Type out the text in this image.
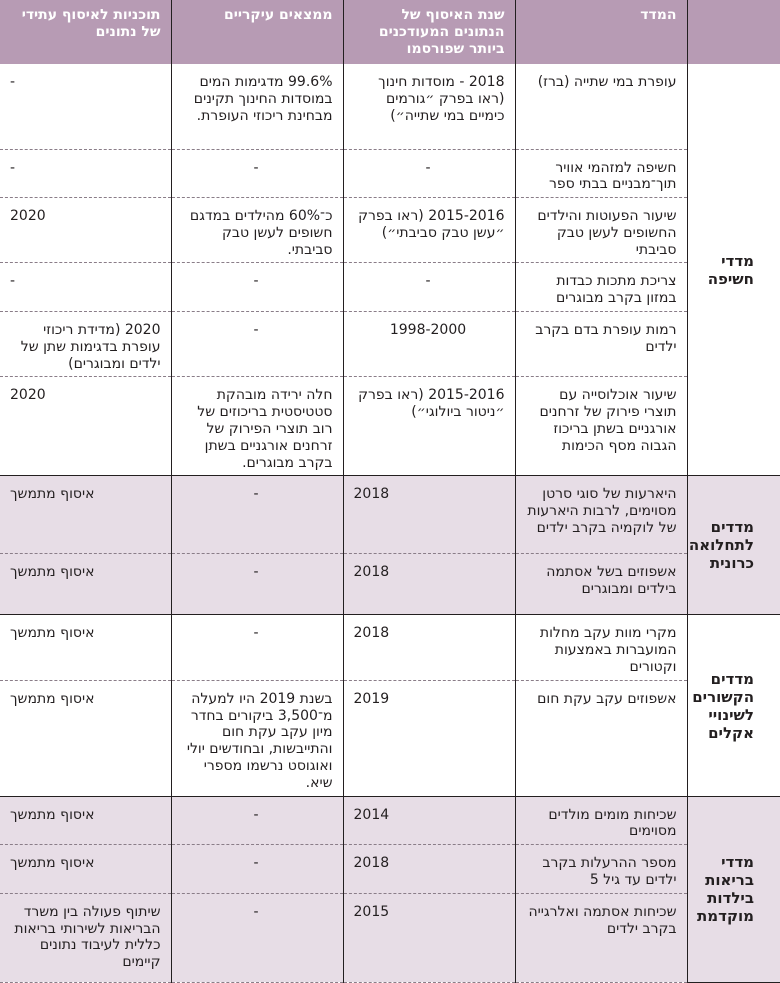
	המדד	שנת האיסוף של הנתונים המעודכנים ביותר שפורסמו	ממצאים עיקריים	תוכניות לאיסוף עתידי של נתונים
מדדי חשיפה	עופרת במי שתייה (ברז)	2018 - מוסדות חינוך (ראו בפרק ״גורמים כימיים במי שתייה״)	99.6% מדגימות המים במוסדות החינוך תקינים מבחינת ריכוזי העופרת.	-
	חשיפה למזהמי אוויר תוך־מבניים בבתי ספר	-	-	-
	שיעור הפעוטות והילדים החשופים לעשן טבק סביבתי	2015-2016 (ראו בפרק ״עשן טבק סביבתי״)	כ־60% מהילדים במדגם חשופים לעשן טבק סביבתי.	2020
	צריכת מתכות כבדות במזון בקרב מבוגרים	-	-	-
	רמות עופרת בדם בקרב ילדים	1998-2000	-	2020 (מדידת ריכוזי עופרת בדגימות שתן של ילדים ומבוגרים)
	שיעור אוכלוסייה עם תוצרי פירוק של זרחנים אורגניים בשתן בריכוז הגבוה מסף הכימות	2015-2016 (ראו בפרק ״ניטור ביולוגי״)	חלה ירידה מובהקת סטטיסטית בריכוזים של רוב תוצרי הפירוק של זרחנים אורגניים בשתן בקרב מבוגרים.	2020
מדדים לתחלואה כרונית	היארעות של סוגי סרטן מסוימים, לרבות היארעות של לוקמיה בקרב ילדים	2018	-	איסוף מתמשך
	אשפוזים בשל אסתמה בילדים ומבוגרים	2018	-	איסוף מתמשך
מדדים הקשורים לשינויי אקלים	מקרי מוות עקב מחלות המועברות באמצעות וקטורים	2018	-	איסוף מתמשך
	אשפוזים עקב עקת חום	2019	בשנת 2019 היו למעלה מ־3,500 ביקורים בחדר מיון עקב עקת חום והתייבשות, ובחודשים יולי ואוגוסט נרשמו מספרי שיא.	איסוף מתמשך
מדדי בריאות בילדות מוקדמת	שכיחות מומים מולדים מסוימים	2014	-	איסוף מתמשך
	מספר ההרעלות בקרב ילדים עד גיל 5	2018	-	איסוף מתמשך
	שכיחות אסתמה ואלרגייה בקרב ילדים	2015	-	שיתוף פעולה בין משרד הבריאות לשירותי בריאות כללית לעיבוד נתונים קיימים
